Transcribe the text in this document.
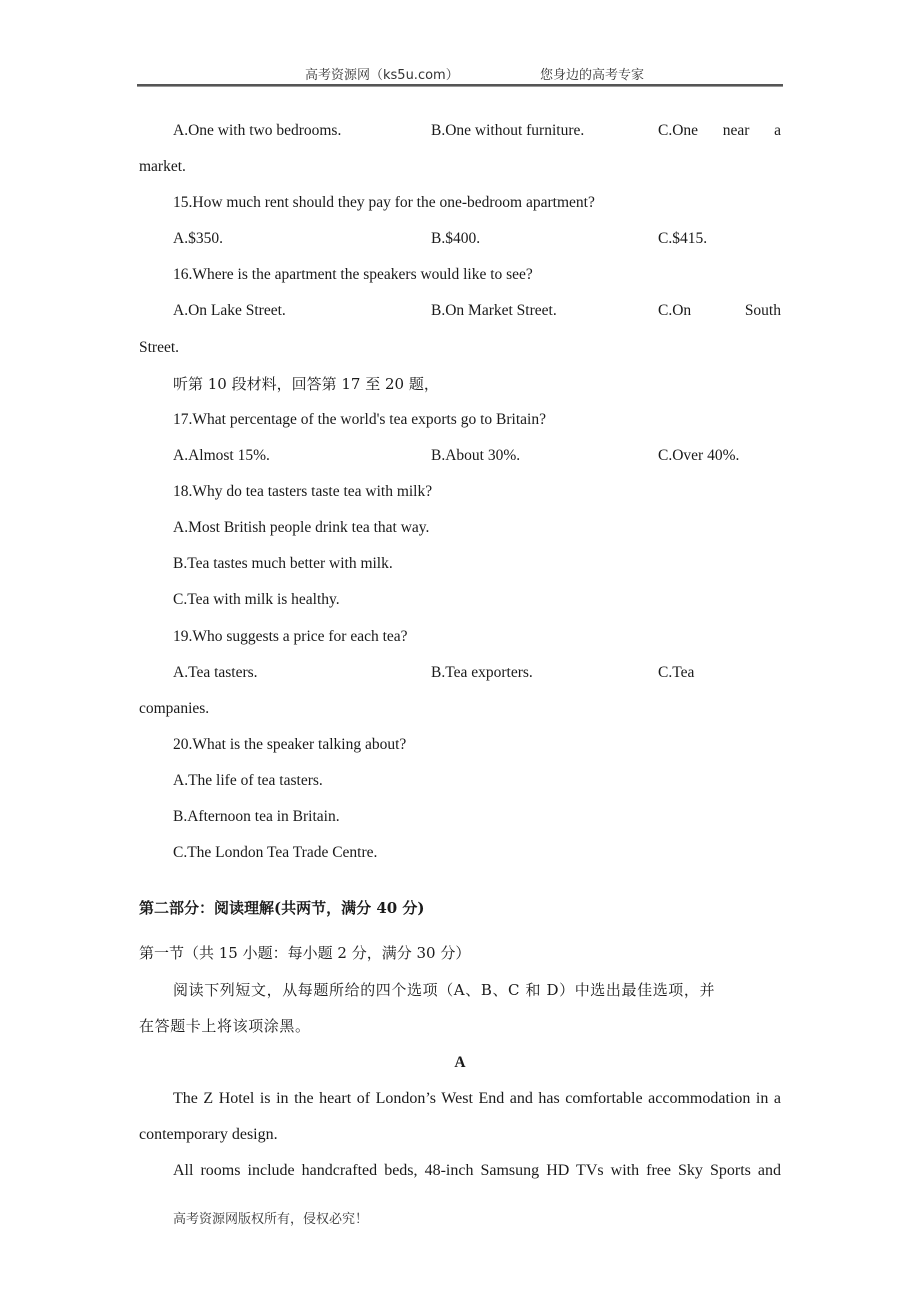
高考资源网（ks5u.com）	您身边的高考专家
A.One with two bedrooms.	B.One without furniture.	C.One near a
market.
15.How much rent should they pay for the one-bedroom apartment?
A.$350.	B.$400.	C.$415.
16.Where is the apartment the speakers would like to see?
A.On Lake Street.	B.On Market Street.	C.On	South
Street.
听第 10 段材料，回答第 17 至 20 题，
17.What percentage of the world's tea exports go to Britain?
A.Almost 15%.	B.About 30%.	C.Over 40%.
18.Why do tea tasters taste tea with milk?
A.Most British people drink tea that way.
B.Tea tastes much better with milk.
C.Tea with milk is healthy.
19.Who suggests a price for each tea?
A.Tea tasters.	B.Tea exporters.	C.Tea
companies.
20.What is the speaker talking about?
A.The life of tea tasters.
B.Afternoon tea in Britain.
C.The London Tea Trade Centre.
第二部分：阅读理解(共两节，满分 40 分)
第一节（共 15 小题：每小题 2 分，满分 30 分）
阅读下列短文，从每题所给的四个选项（A、B、C 和 D）中选出最佳选项，并
在答题卡上将该项涂黑。
A
The Z Hotel is in the heart of London’s West End and has comfortable accommodation in a
contemporary design.
All rooms include handcrafted beds, 48-inch Samsung HD TVs with free Sky Sports and
高考资源网版权所有，侵权必究！
